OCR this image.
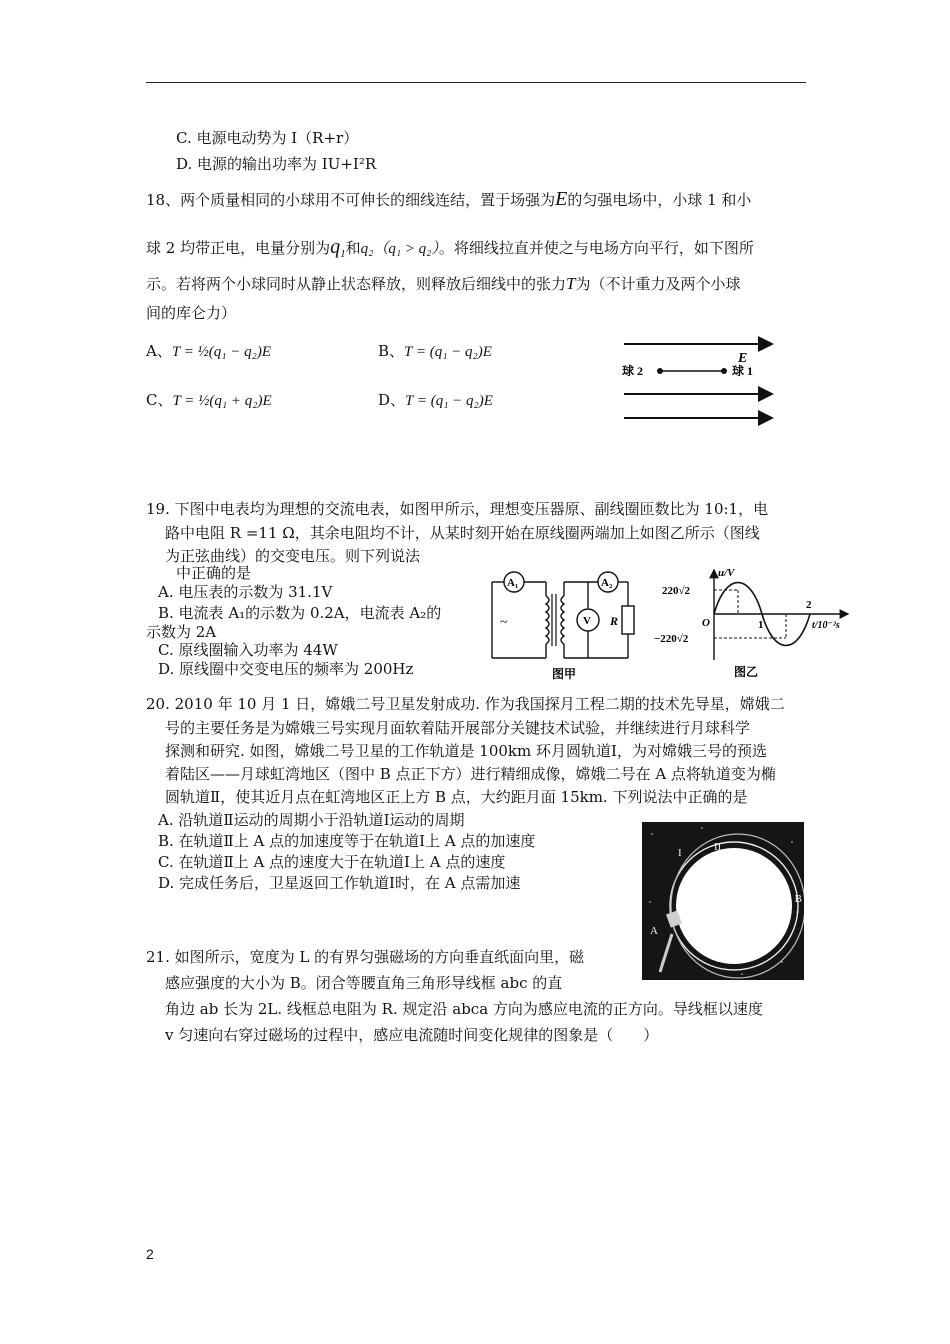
C. 电源电动势为 I（R+r）
D. 电源的输出功率为 IU+I²R
18、两个质量相同的小球用不可伸长的细线连结，置于场强为E的匀强电场中，小球 1 和小
球 2 均带正电，电量分别为$q_1$和q₂（q₁ > q₂）。将细线拉直并使之与电场方向平行，如下图所
示。若将两个小球同时从静止状态释放，则释放后细线中的张力T为（不计重力及两个小球
间的库仑力）
A、T = ½(q₁ − q₂)E	B、T = (q₁ − q₂)E
C、T = ½(q₁ + q₂)E	D、T = (q₁ − q₂)E
E
球 2	球 1
19. 下图中电表均为理想的交流电表，如图甲所示，理想变压器原、副线圈匝数比为 10:1，电
路中电阻 R =11 Ω，其余电阻均不计，从某时刻开始在原线圈两端加上如图乙所示（图线
为正弦曲线）的交变电压。则下列说法
中正确的是
A. 电压表的示数为 31.1V
B. 电流表 A₁的示数为 0.2A，电流表 A₂的
示数为 2A
C. 原线圈输入功率为 44W
D. 原线圈中交变电压的频率为 200Hz
A₁	A₂
V R
~
图甲
u/V
220√2
−220√2
O	1
2
t/10⁻²s
图乙
20. 2010 年 10 月 1 日，嫦娥二号卫星发射成功. 作为我国探月工程二期的技术先导星，嫦娥二
号的主要任务是为嫦娥三号实现月面软着陆开展部分关键技术试验，并继续进行月球科学
探测和研究. 如图，嫦娥二号卫星的工作轨道是 100km 环月圆轨道Ⅰ，为对嫦娥三号的预选
着陆区——月球虹湾地区（图中 B 点正下方）进行精细成像，嫦娥二号在 A 点将轨道变为椭
圆轨道Ⅱ，使其近月点在虹湾地区正上方 B 点，大约距月面 15km. 下列说法中正确的是
A. 沿轨道Ⅱ运动的周期小于沿轨道Ⅰ运动的周期
B. 在轨道Ⅱ上 A 点的加速度等于在轨道Ⅰ上 A 点的加速度
C. 在轨道Ⅱ上 A 点的速度大于在轨道Ⅰ上 A 点的速度
D. 完成任务后，卫星返回工作轨道Ⅰ时，在 A 点需加速
I	II
A
B
21. 如图所示，宽度为 L 的有界匀强磁场的方向垂直纸面向里，磁
感应强度的大小为 B。闭合等腰直角三角形导线框 abc 的直
角边 ab 长为 2L. 线框总电阻为 R. 规定沿 abca 方向为感应电流的正方向。导线框以速度
v 匀速向右穿过磁场的过程中，感应电流随时间变化规律的图象是（　　）
2
